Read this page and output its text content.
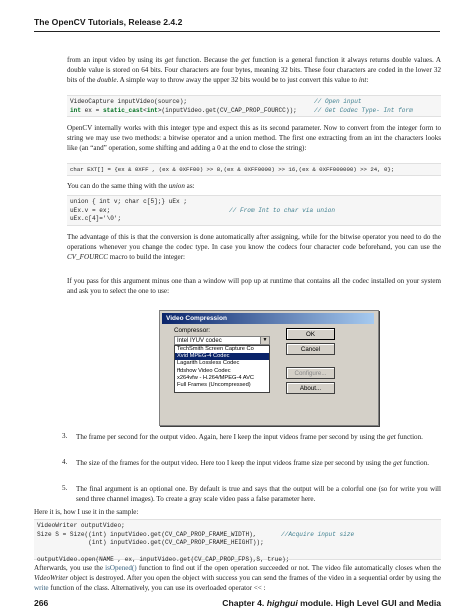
The OpenCV Tutorials, Release 2.4.2
from an input video by using its get function. Because the get function is a general function it always returns double values. A double value is stored on 64 bits. Four characters are four bytes, meaning 32 bits. These four characters are coded in the lower 32 bits of the double. A simple way to throw away the upper 32 bits would be to just convert this value to int:
VideoCapture inputVideo(source);	// Open input

int ex = static_cast<int>(inputVideo.get(CV_CAP_PROP_FOURCC));	// Get Codec Type- Int form
OpenCV internally works with this integer type and expect this as its second parameter. Now to convert from the integer form to string we may use two methods: a bitwise operator and a union method. The first one extracting from an int the characters looks like (an “and” operation, some shifting and adding a 0 at the end to close the string):
char EXT[] = {ex & 0XFF , (ex & 0XFF00) >> 8,(ex & 0XFF0000) >> 16,(ex & 0XFF000000) >> 24, 0};
You can do the same thing with the union as:
union { int v; char c[5];} uEx ;
uEx.v = ex;	// From Int to char via union

uEx.c[4]='\0';
The advantage of this is that the conversion is done automatically after assigning, while for the bitwise operator you need to do the operations whenever you change the codec type. In case you know the codecs four character code beforehand, you can use the CV_FOURCC macro to build the integer:
If you pass for this argument minus one than a window will pop up at runtime that contains all the codec installed on your system and ask you to select the one to use:
Video Compression
Compressor:
Intel IYUV codec	▼
TechSmith Screen Capture Co
Xvid MPEG-4 Codec
Lagarith Lossless Codec
ffdshow Video Codec
x264vfw - H.264/MPEG-4 AVC
Full Frames (Uncompressed)
OK
Cancel
Configure...
About...
3. The frame per second for the output video. Again, here I keep the input videos frame per second by using the get function.
4. The size of the frames for the output video. Here too I keep the input videos frame size per second by using the get function.
5. The final argument is an optional one. By default is true and says that the output will be a colorful one (so for write you will send three channel images). To create a gray scale video pass a false parameter here.
Here it is, how I use it in the sample:
VideoWriter outputVideo;
Size S = Size((int) inputVideo.get(CV_CAP_PROP_FRAME_WIDTH),	//Acquire input size

(int) inputVideo.get(CV_CAP_PROP_FRAME_HEIGHT));

outputVideo.open(NAME , ex, inputVideo.get(CV_CAP_PROP_FPS),S, true);
Afterwards, you use the isOpened() function to find out if the open operation succeeded or not. The video file automatically closes when the VideoWriter object is destroyed. After you open the object with success you can send the frames of the video in a sequential order by using the write function of the class. Alternatively, you can use its overloaded operator << :
266	Chapter 4. highgui module. High Level GUI and Media
